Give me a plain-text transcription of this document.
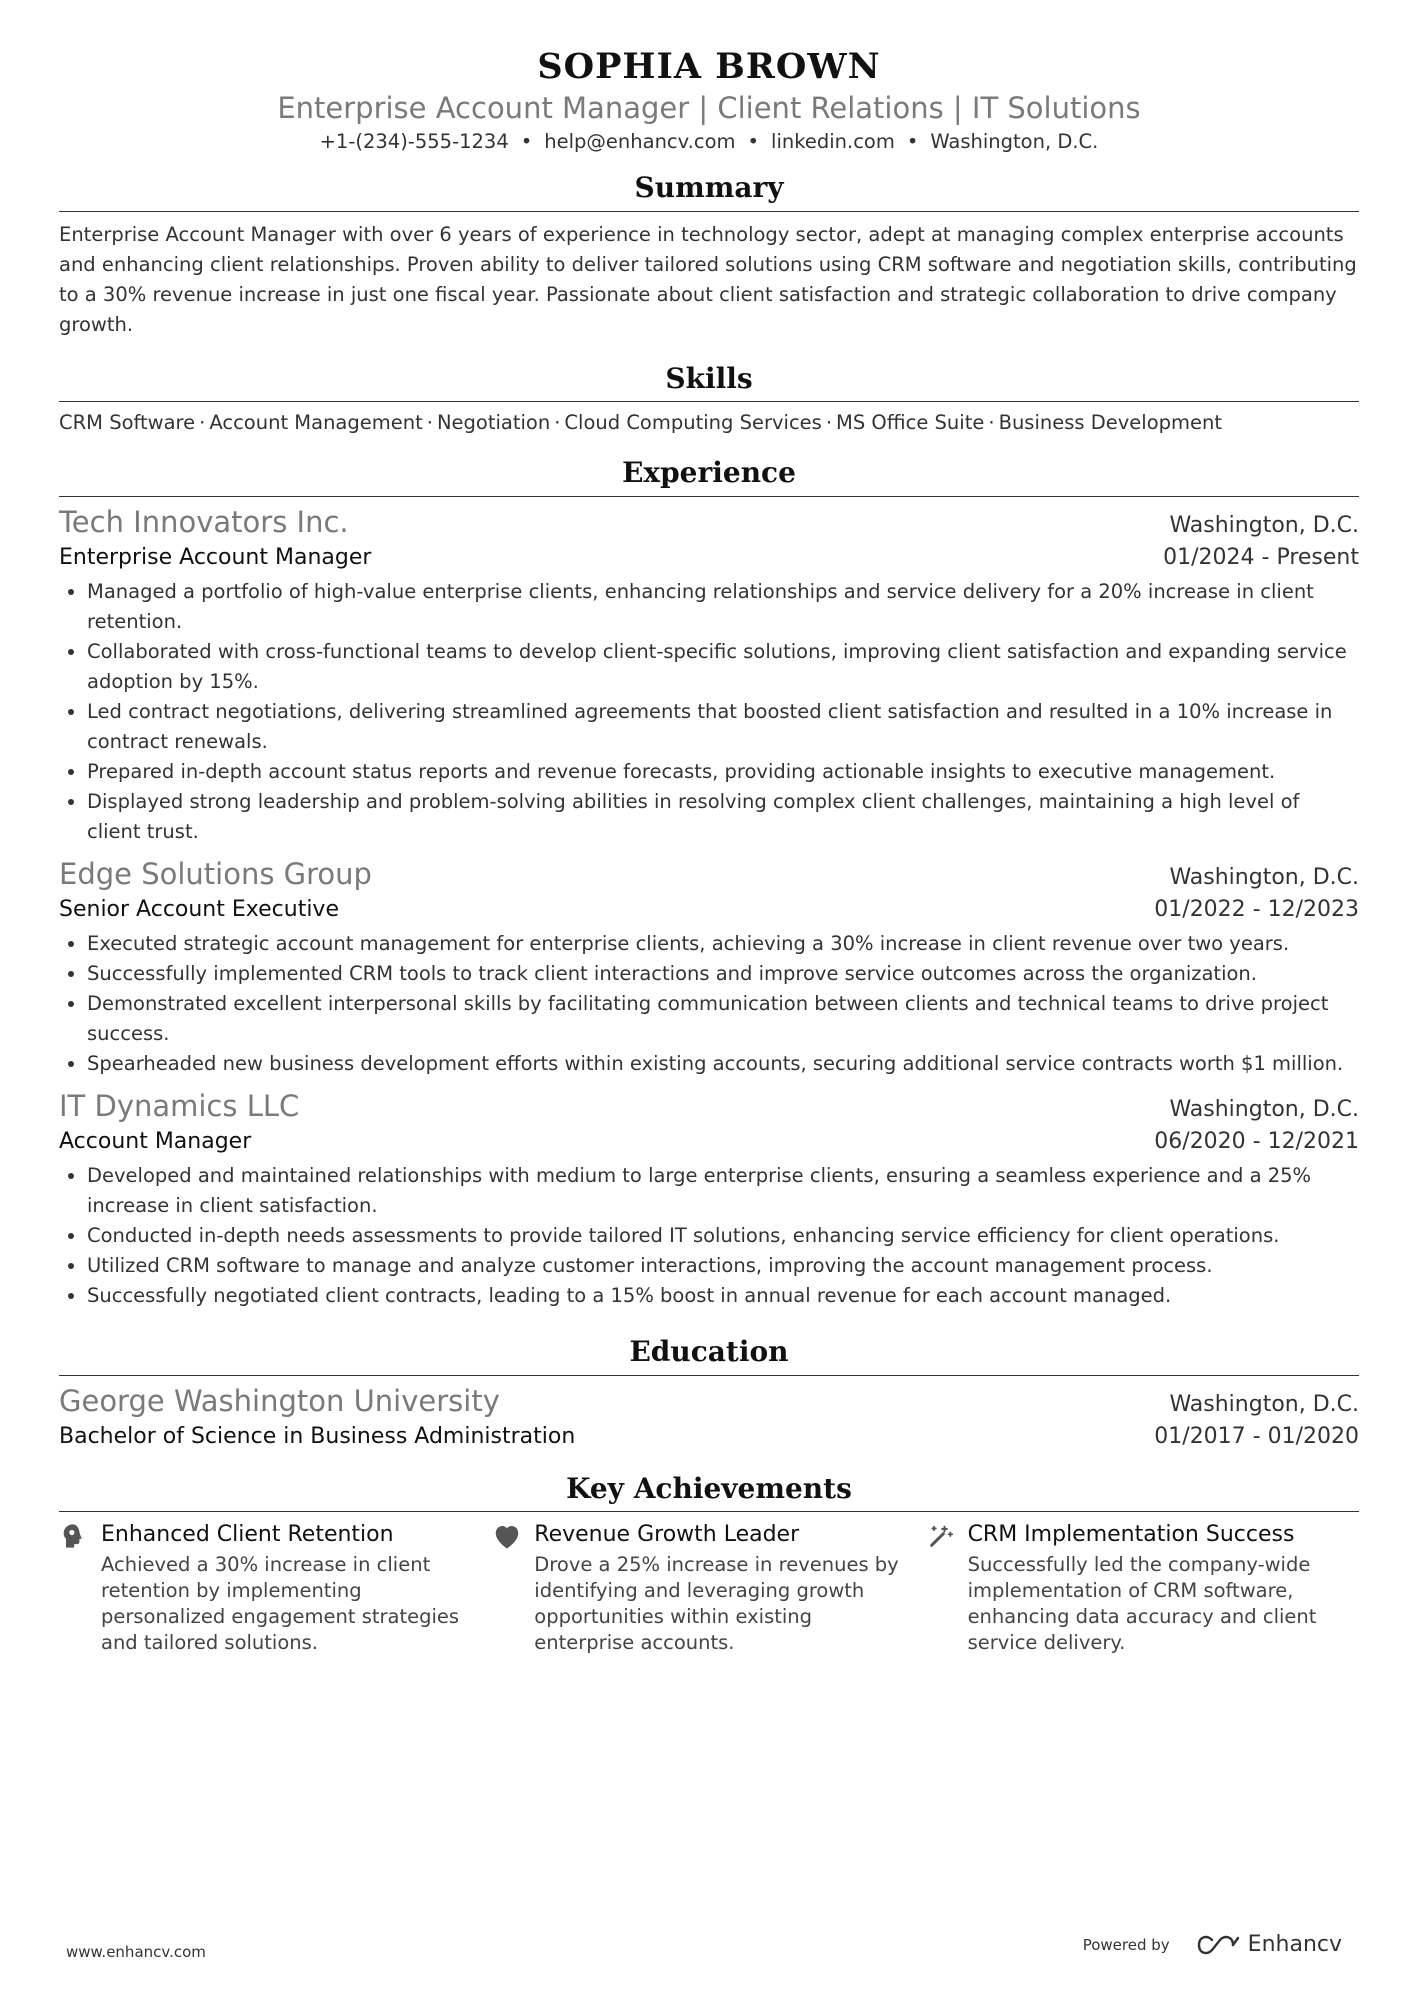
SOPHIA BROWN
Enterprise Account Manager | Client Relations | IT Solutions
+1-(234)-555-1234 • help@enhancv.com • linkedin.com • Washington, D.C.
Summary
Enterprise Account Manager with over 6 years of experience in technology sector, adept at managing complex enterprise accounts and enhancing client relationships. Proven ability to deliver tailored solutions using CRM software and negotiation skills, contributing to a 30% revenue increase in just one fiscal year. Passionate about client satisfaction and strategic collaboration to drive company growth.
Skills
CRM Software · Account Management · Negotiation · Cloud Computing Services · MS Office Suite · Business Development
Experience
Tech Innovators Inc.	Washington, D.C.
Enterprise Account Manager	01/2024 - Present
• Managed a portfolio of high-value enterprise clients, enhancing relationships and service delivery for a 20% increase in client retention.
• Collaborated with cross-functional teams to develop client-specific solutions, improving client satisfaction and expanding service adoption by 15%.
• Led contract negotiations, delivering streamlined agreements that boosted client satisfaction and resulted in a 10% increase in contract renewals.
• Prepared in-depth account status reports and revenue forecasts, providing actionable insights to executive management.
• Displayed strong leadership and problem-solving abilities in resolving complex client challenges, maintaining a high level of client trust.
Edge Solutions Group	Washington, D.C.
Senior Account Executive	01/2022 - 12/2023
• Executed strategic account management for enterprise clients, achieving a 30% increase in client revenue over two years.
• Successfully implemented CRM tools to track client interactions and improve service outcomes across the organization.
• Demonstrated excellent interpersonal skills by facilitating communication between clients and technical teams to drive project success.
• Spearheaded new business development efforts within existing accounts, securing additional service contracts worth $1 million.
IT Dynamics LLC	Washington, D.C.
Account Manager	06/2020 - 12/2021
• Developed and maintained relationships with medium to large enterprise clients, ensuring a seamless experience and a 25% increase in client satisfaction.
• Conducted in-depth needs assessments to provide tailored IT solutions, enhancing service efficiency for client operations.
• Utilized CRM software to manage and analyze customer interactions, improving the account management process.
• Successfully negotiated client contracts, leading to a 15% boost in annual revenue for each account managed.
Education
George Washington University	Washington, D.C.
Bachelor of Science in Business Administration	01/2017 - 01/2020
Key Achievements
Enhanced Client Retention
Achieved a 30% increase in client retention by implementing personalized engagement strategies and tailored solutions.
Revenue Growth Leader
Drove a 25% increase in revenues by identifying and leveraging growth opportunities within existing enterprise accounts.
CRM Implementation Success
Successfully led the company-wide implementation of CRM software, enhancing data accuracy and client service delivery.
www.enhancv.com	Powered by	Enhancv
